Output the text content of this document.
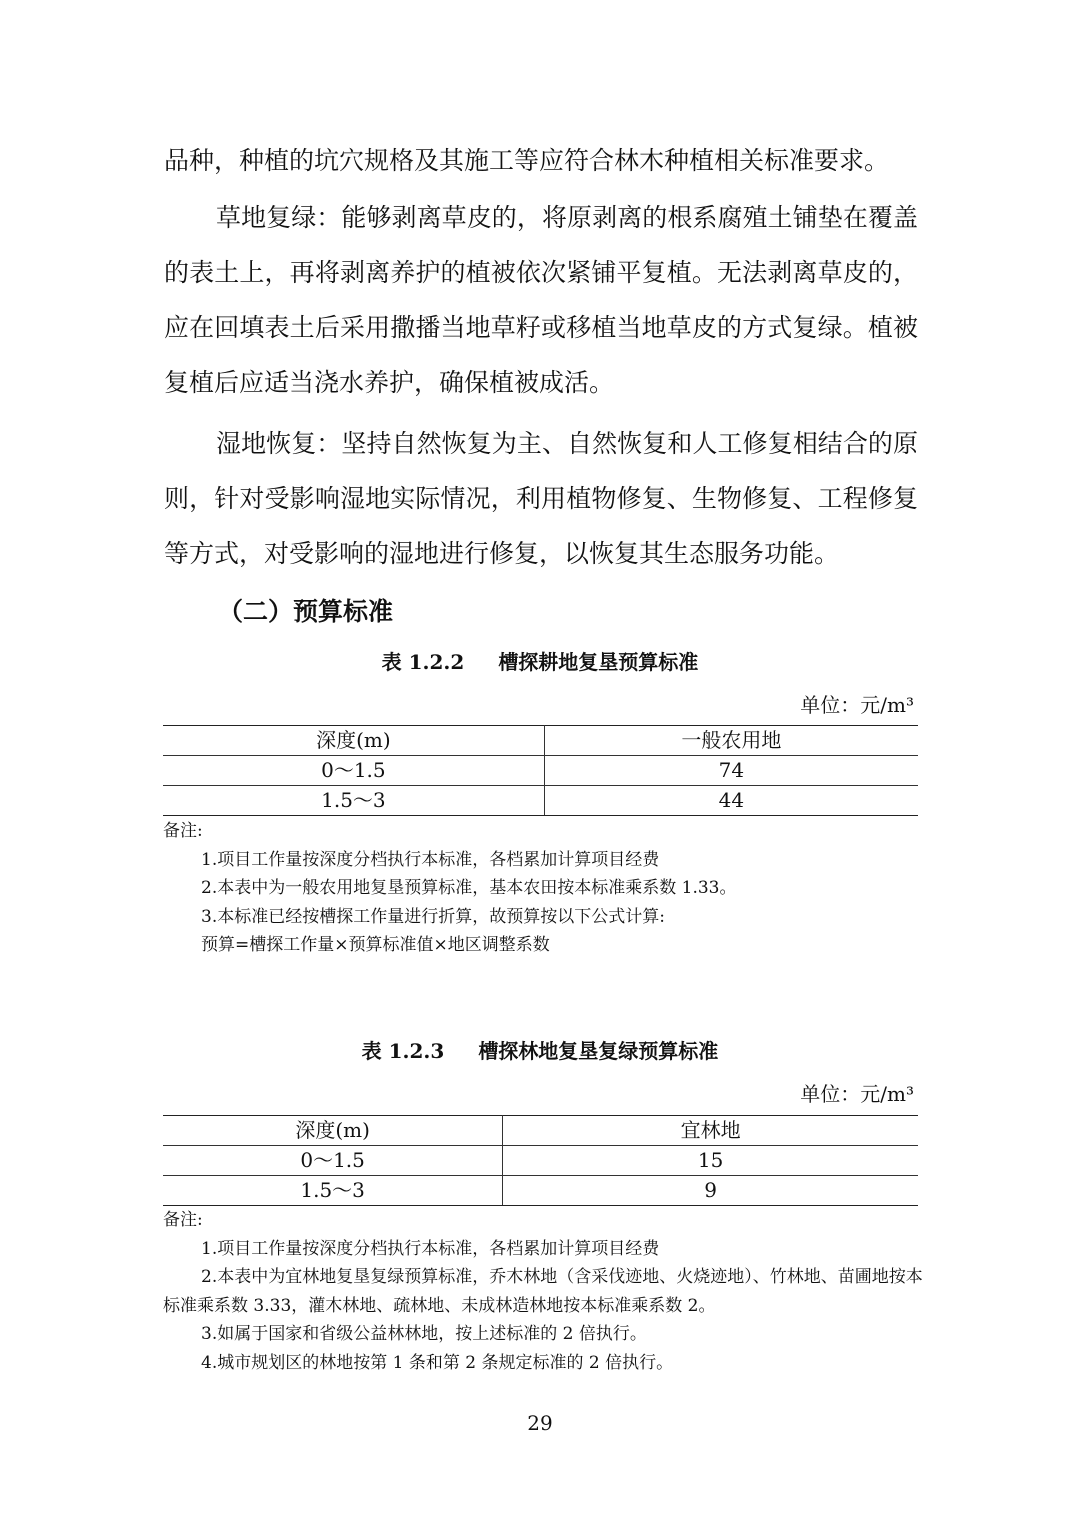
品种，种植的坑穴规格及其施工等应符合林木种植相关标准要求。

草地复绿：能够剥离草皮的，将原剥离的根系腐殖土铺垫在覆盖的表土上，再将剥离养护的植被依次紧铺平复植。无法剥离草皮的，应在回填表土后采用撒播当地草籽或移植当地草皮的方式复绿。植被复植后应适当浇水养护，确保植被成活。

湿地恢复：坚持自然恢复为主、自然恢复和人工修复相结合的原则，针对受影响湿地实际情况，利用植物修复、生物修复、工程修复等方式，对受影响的湿地进行修复，以恢复其生态服务功能。

（二）预算标准

表 1.2.2 槽探耕地复垦预算标准

单位：元/m³

深度(m)	一般农用地
0～1.5	74
1.5～3	44

备注:

1.项目工作量按深度分档执行本标准，各档累加计算项目经费

2.本表中为一般农用地复垦预算标准，基本农田按本标准乘系数 1.33。

3.本标准已经按槽探工作量进行折算，故预算按以下公式计算:

预算=槽探工作量×预算标准值×地区调整系数

表 1.2.3 槽探林地复垦复绿预算标准

单位：元/m³

深度(m)	宜林地
0～1.5	15
1.5～3	9

备注:

1.项目工作量按深度分档执行本标准，各档累加计算项目经费

2.本表中为宜林地复垦复绿预算标准，乔木林地（含采伐迹地、火烧迹地）、竹林地、苗圃地按本标准乘系数 3.33，灌木林地、疏林地、未成林造林地按本标准乘系数 2。

3.如属于国家和省级公益林林地，按上述标准的 2 倍执行。

4.城市规划区的林地按第 1 条和第 2 条规定标准的 2 倍执行。

29
